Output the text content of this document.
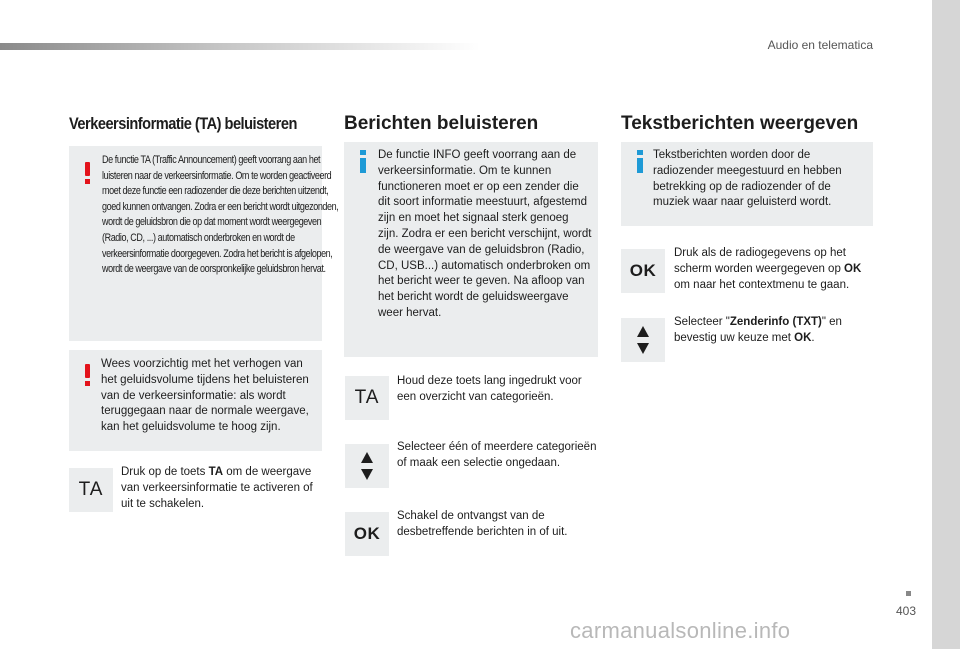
Audio en telematica
Verkeersinformatie (TA) beluisteren
De functie TA (Traffic Announcement) geeft voorrang aan het luisteren naar de verkeersinformatie. Om te worden geactiveerd moet deze functie een radiozender die deze berichten uitzendt, goed kunnen ontvangen. Zodra er een bericht wordt uitgezonden, wordt de geluidsbron die op dat moment wordt weergegeven (Radio, CD, ...) automatisch onderbroken en wordt de verkeersinformatie doorgegeven. Zodra het bericht is afgelopen, wordt de weergave van de oorspronkelijke geluidsbron hervat.
Wees voorzichtig met het verhogen van het geluidsvolume tijdens het beluisteren van de verkeersinformatie: als wordt teruggegaan naar de normale weergave, kan het geluidsvolume te hoog zijn.
TA
Druk op de toets TA om de weergave van verkeersinformatie te activeren of uit te schakelen.
Berichten beluisteren
De functie INFO geeft voorrang aan de verkeersinformatie. Om te kunnen functioneren moet er op een zender die dit soort informatie meestuurt, afgestemd zijn en moet het signaal sterk genoeg zijn. Zodra er een bericht verschijnt, wordt de weergave van de geluidsbron (Radio, CD, USB...) automatisch onderbroken om het bericht weer te geven. Na afloop van het bericht wordt de geluidsweergave weer hervat.
TA
Houd deze toets lang ingedrukt voor een overzicht van categorieën.
Selecteer één of meerdere categorieën of maak een selectie ongedaan.
OK
Schakel de ontvangst van de desbetreffende berichten in of uit.
Tekstberichten weergeven
Tekstberichten worden door de radiozender meegestuurd en hebben betrekking op de radiozender of de muziek waar naar geluisterd wordt.
OK
Druk als de radiogegevens op het scherm worden weergegeven op OK om naar het contextmenu te gaan.
Selecteer "Zenderinfo (TXT)" en bevestig uw keuze met OK.
403
carmanualsonline.info
